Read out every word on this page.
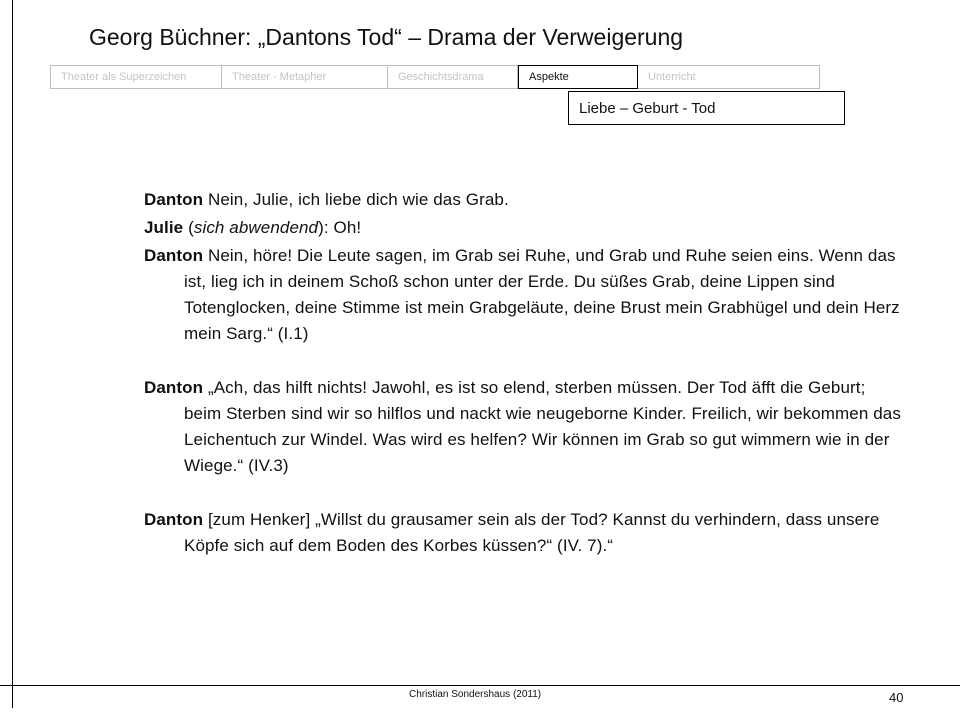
Georg Büchner: „Dantons Tod“ – Drama der Verweigerung
Theater als Superzeichen	Theater - Metapher	Geschichtsdrama	Aspekte	Unterricht
Liebe – Geburt - Tod

Danton Nein, Julie, ich liebe dich wie das Grab.

Julie (sich abwendend): Oh!

Danton Nein, höre! Die Leute sagen, im Grab sei Ruhe, und Grab und Ruhe seien eins. Wenn das ist, lieg ich in deinem Schoß schon unter der Erde. Du süßes Grab, deine Lippen sind Totenglocken, deine Stimme ist mein Grabgeläute, deine Brust mein Grabhügel und dein Herz mein Sarg.“ (I.1)

Danton „Ach, das hilft nichts! Jawohl, es ist so elend, sterben müssen. Der Tod äfft die Geburt; beim Sterben sind wir so hilflos und nackt wie neugeborne Kinder. Freilich, wir bekommen das Leichentuch zur Windel. Was wird es helfen? Wir können im Grab so gut wimmern wie in der Wiege.“ (IV.3)

Danton [zum Henker] „Willst du grausamer sein als der Tod? Kannst du verhindern, dass unsere Köpfe sich auf dem Boden des Korbes küssen?“ (IV. 7).“

Christian Sondershaus (2011)	40
